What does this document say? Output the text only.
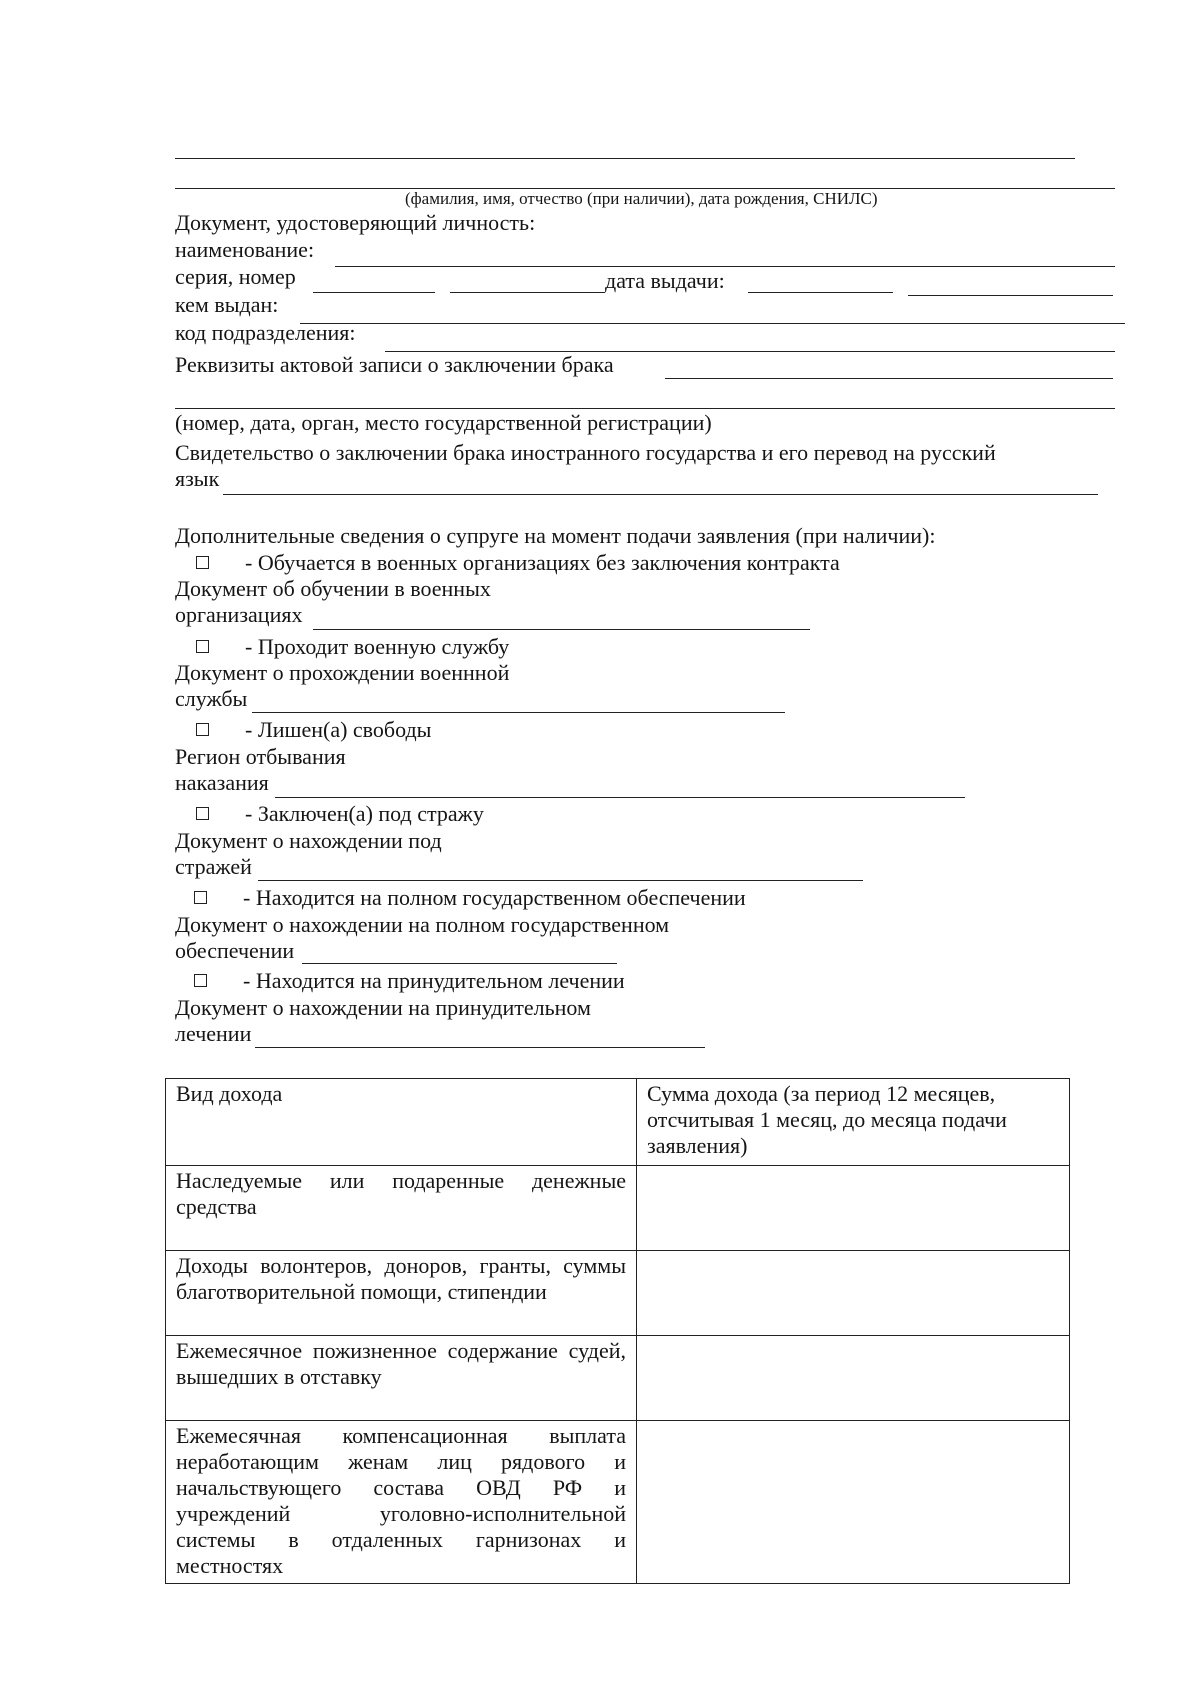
(фамилия, имя, отчество (при наличии), дата рождения, СНИЛС)
Документ, удостоверяющий личность:
наименование:
серия, номер	дата выдачи:
кем выдан:
код подразделения:
Реквизиты актовой записи о заключении брака
(номер, дата, орган, место государственной регистрации)
Свидетельство о заключении брака иностранного государства и его перевод на русский
язык
Дополнительные сведения о супруге на момент подачи заявления (при наличии):
- Обучается в военных организациях без заключения контракта
Документ об обучении в военных
организациях
- Проходит военную службу
Документ о прохождении военнной
службы
- Лишен(а) свободы
Регион отбывания
наказания
- Заключен(а) под стражу
Документ о нахождении под
стражей
- Находится на полном государственном обеспечении
Документ о нахождении на полном государственном
обеспечении
- Находится на принудительном лечении
Документ о нахождении на принудительном
лечении
Вид дохода	Сумма дохода (за период 12 месяцев, отсчитывая 1 месяц, до месяца подачи заявления)
Наследуемые или подаренные денежные средства	
Доходы волонтеров, доноров, гранты, суммы благотворительной помощи, стипендии	
Ежемесячное пожизненное содержание судей, вышедших в отставку	
Ежемесячная компенсационная выплата неработающим женам лиц рядового и начальствующего состава ОВД РФ и учреждений уголовно-исполнительной системы в отдаленных гарнизонах и местностях	
